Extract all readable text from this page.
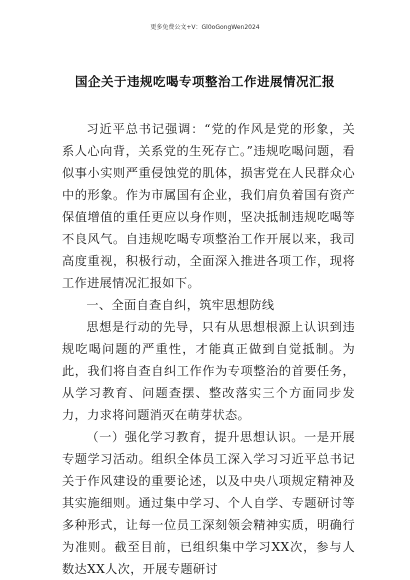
更多免费公文+V：Gl0oGongWen2024
国企关于违规吃喝专项整治工作进展情况汇报

习近平总书记强调：“党的作风是党的形象，关系人心向背，关系党的生死存亡。”违规吃喝问题，看似事小实则严重侵蚀党的肌体，损害党在人民群众心中的形象。作为市属国有企业，我们肩负着国有资产保值增值的重任更应以身作则，坚决抵制违规吃喝等不良风气。自违规吃喝专项整治工作开展以来，我司高度重视，积极行动，全面深入推进各项工作，现将工作进展情况汇报如下。

一、全面自查自纠，筑牢思想防线

思想是行动的先导，只有从思想根源上认识到违规吃喝问题的严重性，才能真正做到自觉抵制。为此，我们将自查自纠工作作为专项整治的首要任务，从学习教育、问题查摆、整改落实三个方面同步发力，力求将问题消灭在萌芽状态。

（一）强化学习教育，提升思想认识。一是开展专题学习活动。组织全体员工深入学习习近平总书记关于作风建设的重要论述，以及中央八项规定精神及其实施细则。通过集中学习、个人自学、专题研讨等多种形式，让每一位员工深刻领会精神实质，明确行为准则。截至目前，已组织集中学习XX次，参与人数达XX人次，开展专题研讨
